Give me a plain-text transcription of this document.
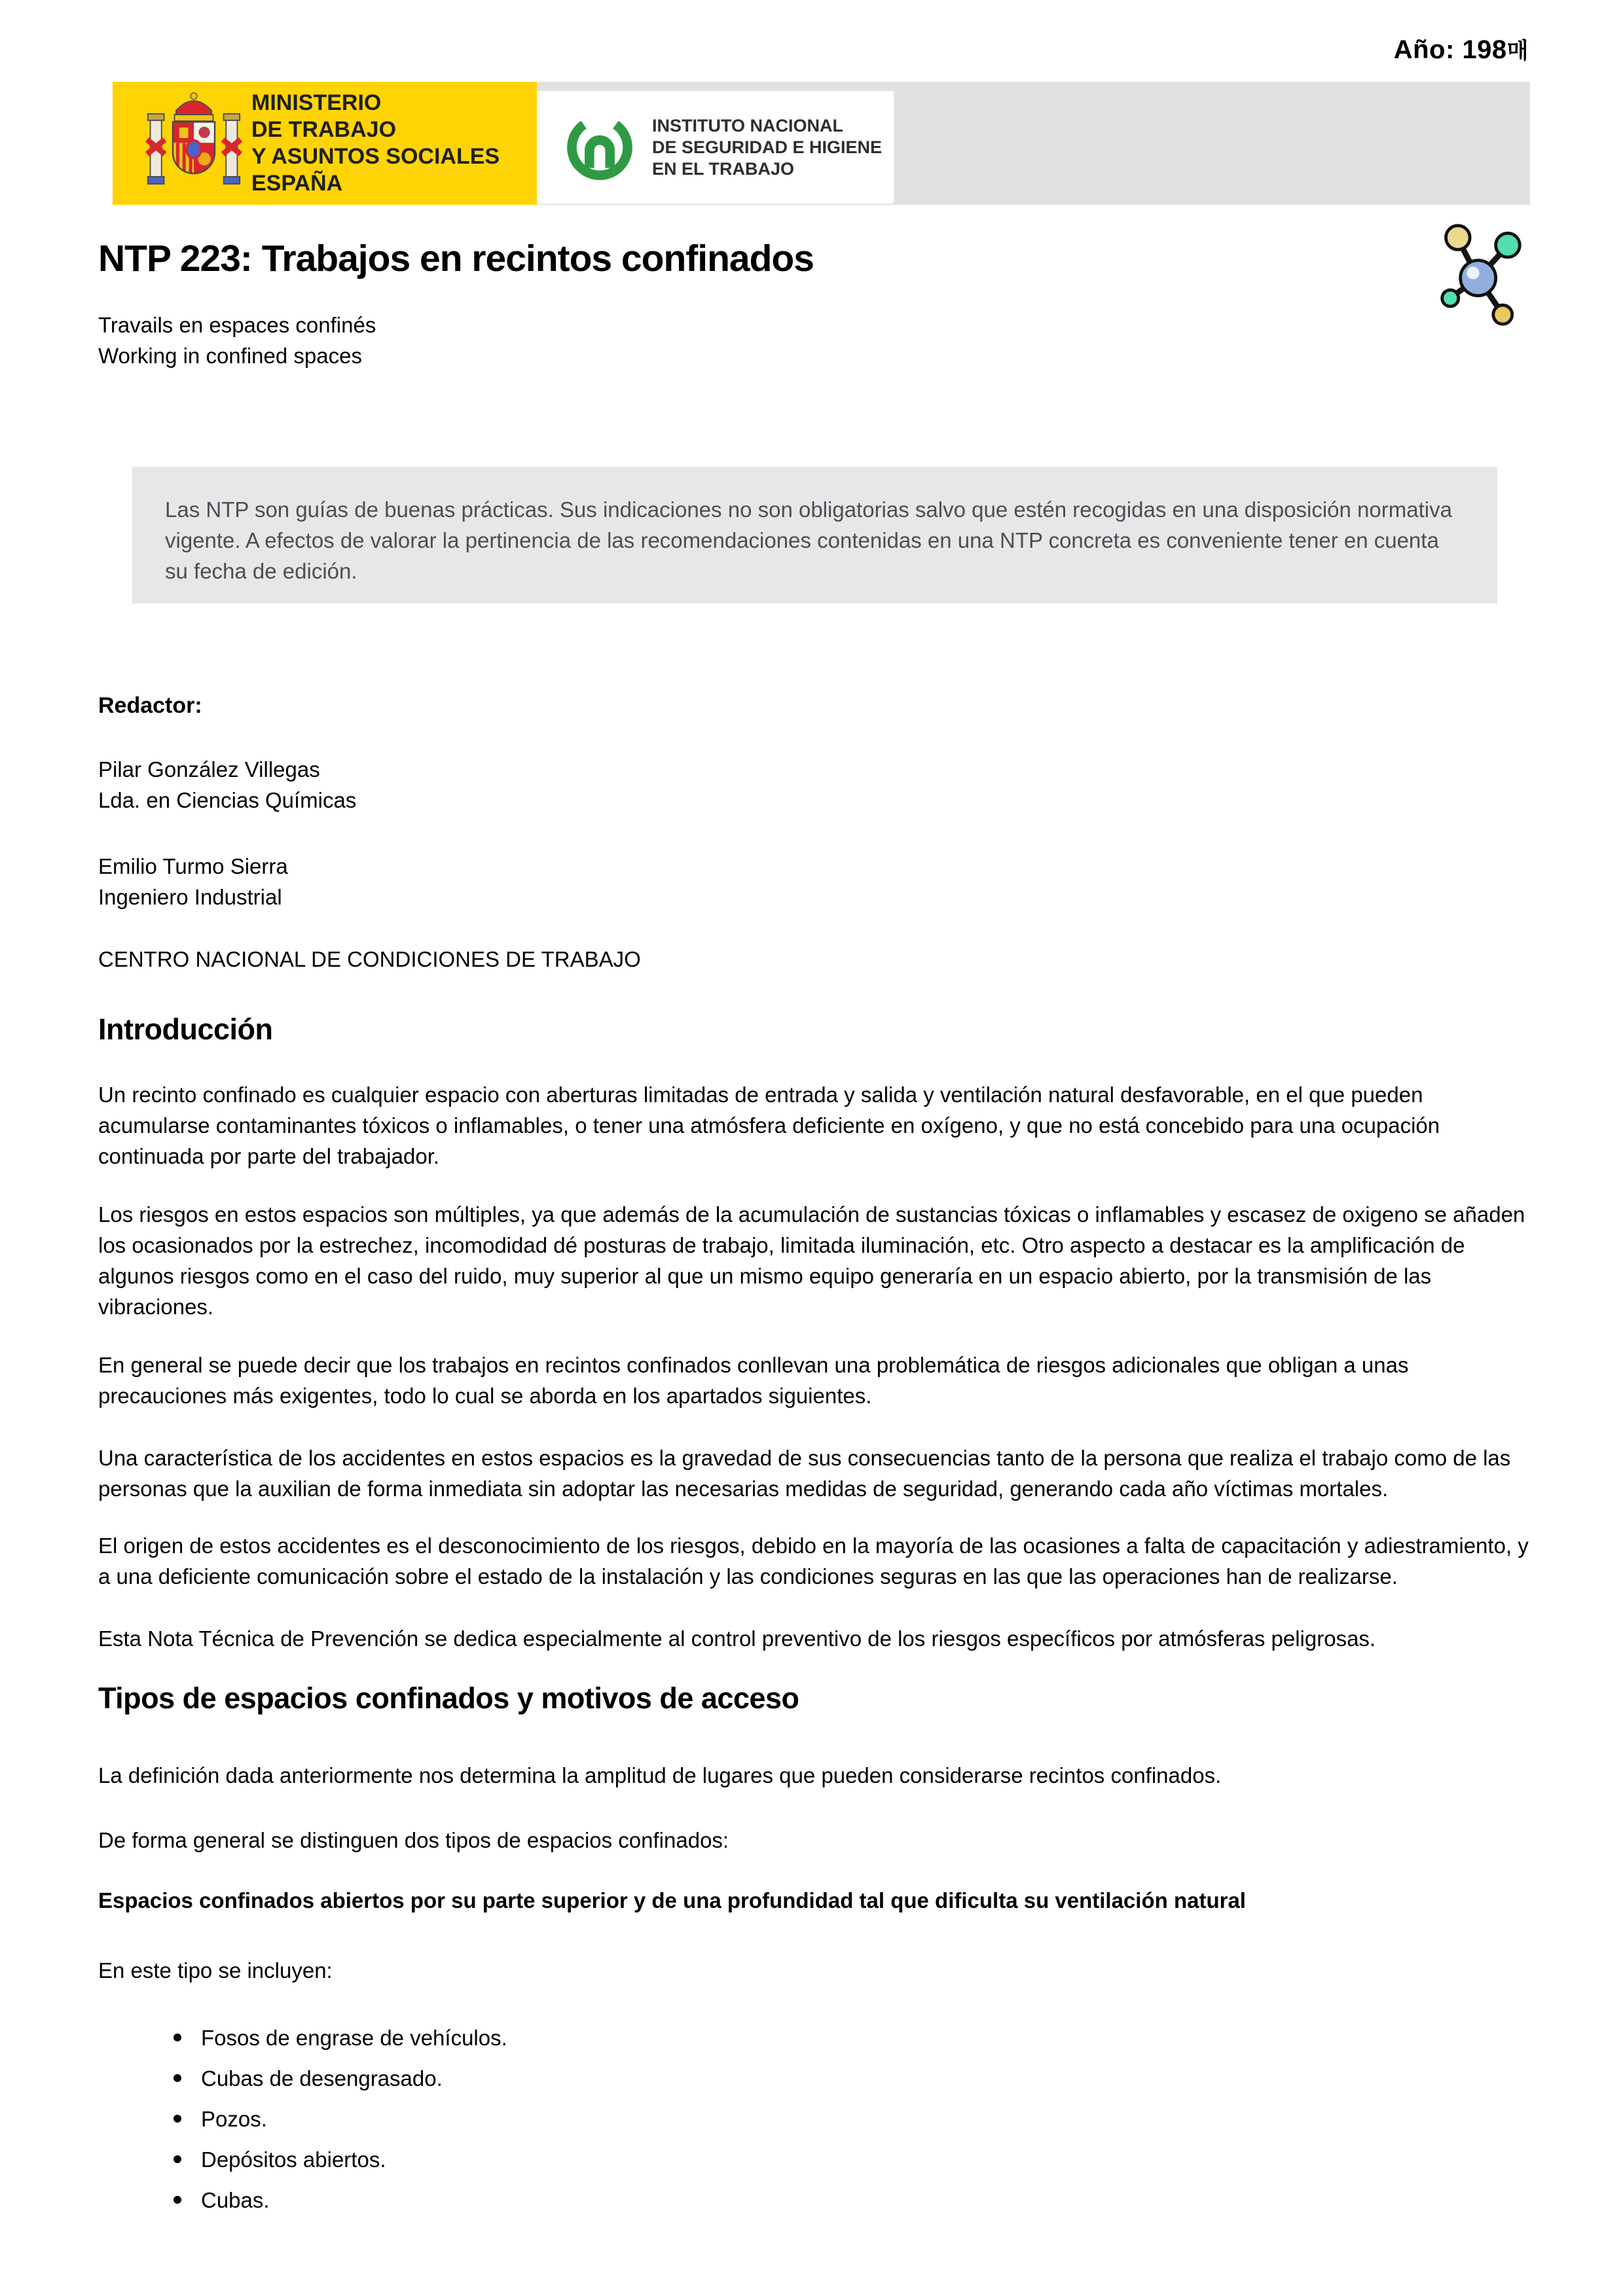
Año: 198매
MINISTERIO
DE TRABAJO
Y ASUNTOS SOCIALES
ESPAÑA
INSTITUTO NACIONAL
DE SEGURIDAD E HIGIENE
EN EL TRABAJO
NTP 223: Trabajos en recintos confinados
Travails en espaces confinés
Working in confined spaces
Las NTP son guías de buenas prácticas. Sus indicaciones no son obligatorias salvo que estén recogidas en una disposición normativa vigente. A efectos de valorar la pertinencia de las recomendaciones contenidas en una NTP concreta es conveniente tener en cuenta su fecha de edición.
Redactor:
Pilar González Villegas
Lda. en Ciencias Químicas
Emilio Turmo Sierra
Ingeniero Industrial
CENTRO NACIONAL DE CONDICIONES DE TRABAJO
Introducción

Un recinto confinado es cualquier espacio con aberturas limitadas de entrada y salida y ventilación natural desfavorable, en el que pueden acumularse contaminantes tóxicos o inflamables, o tener una atmósfera deficiente en oxígeno, y que no está concebido para una ocupación continuada por parte del trabajador.

Los riesgos en estos espacios son múltiples, ya que además de la acumulación de sustancias tóxicas o inflamables y escasez de oxigeno se añaden los ocasionados por la estrechez, incomodidad dé posturas de trabajo, limitada iluminación, etc. Otro aspecto a destacar es la amplificación de algunos riesgos como en el caso del ruido, muy superior al que un mismo equipo generaría en un espacio abierto, por la transmisión de las vibraciones.

En general se puede decir que los trabajos en recintos confinados conllevan una problemática de riesgos adicionales que obligan a unas precauciones más exigentes, todo lo cual se aborda en los apartados siguientes.

Una característica de los accidentes en estos espacios es la gravedad de sus consecuencias tanto de la persona que realiza el trabajo como de las personas que la auxilian de forma inmediata sin adoptar las necesarias medidas de seguridad, generando cada año víctimas mortales.

El origen de estos accidentes es el desconocimiento de los riesgos, debido en la mayoría de las ocasiones a falta de capacitación y adiestramiento, y a una deficiente comunicación sobre el estado de la instalación y las condiciones seguras en las que las operaciones han de realizarse.

Esta Nota Técnica de Prevención se dedica especialmente al control preventivo de los riesgos específicos por atmósferas peligrosas.

Tipos de espacios confinados y motivos de acceso

La definición dada anteriormente nos determina la amplitud de lugares que pueden considerarse recintos confinados.

De forma general se distinguen dos tipos de espacios confinados:

Espacios confinados abiertos por su parte superior y de una profundidad tal que dificulta su ventilación natural

En este tipo se incluyen:

Fosos de engrase de vehículos.
Cubas de desengrasado.
Pozos.
Depósitos abiertos.
Cubas.
